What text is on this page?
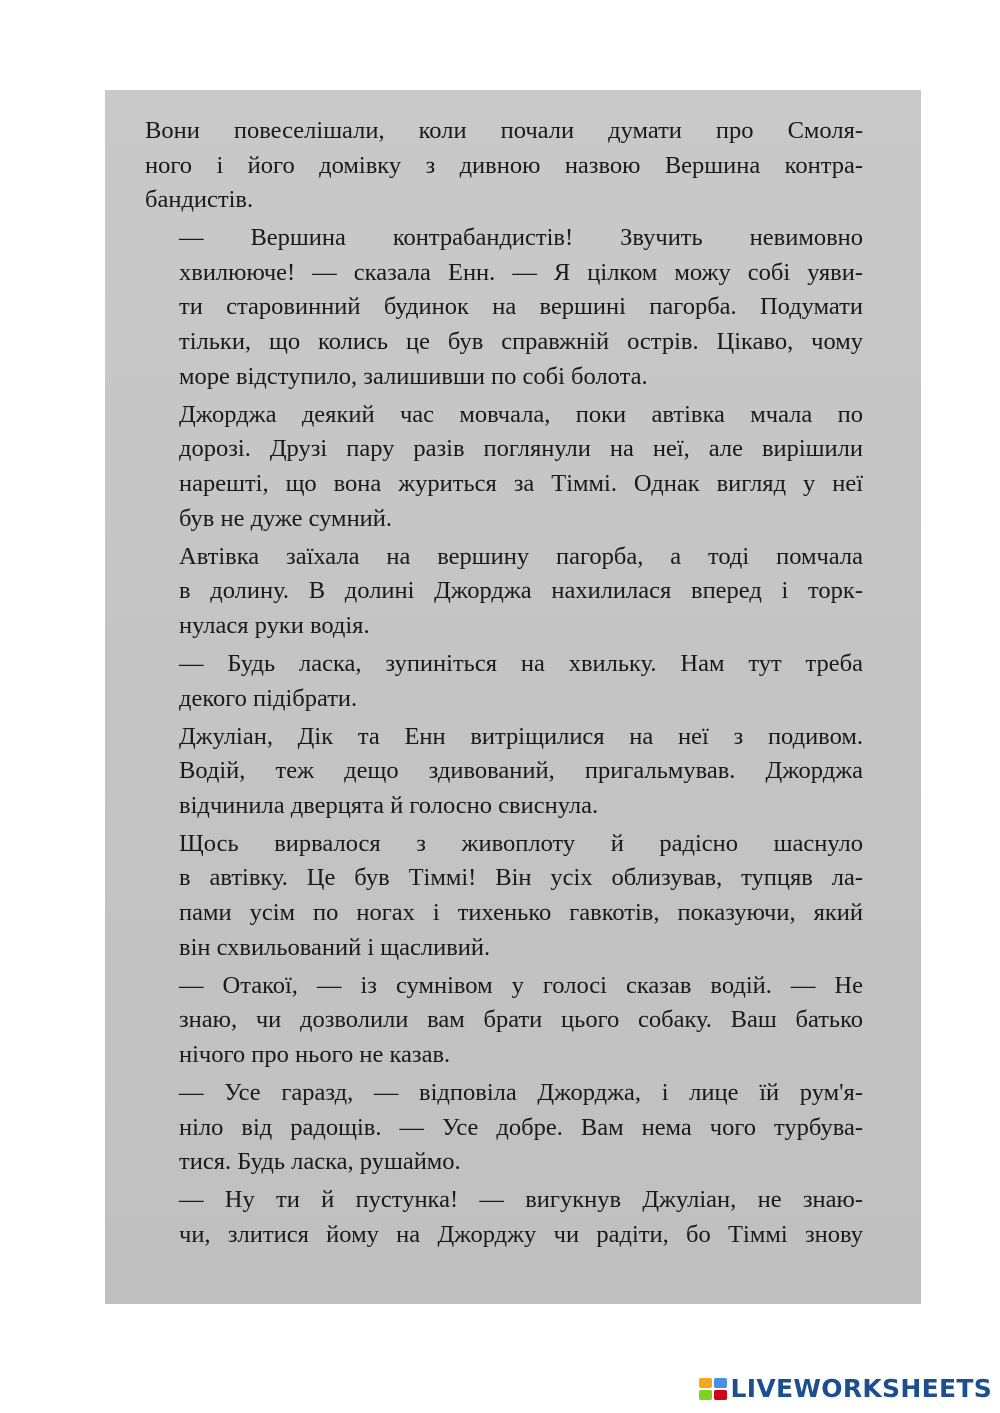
Вони повеселішали, коли почали думати про Смоля-
ного і його домівку з дивною назвою Вершина контра-
бандистів.

— Вершина контрабандистів! Звучить невимовно
хвилююче! — сказала Енн. — Я цілком можу собі уяви-
ти старовинний будинок на вершині пагорба. Подумати
тільки, що колись це був справжній острів. Цікаво, чому
море відступило, залишивши по собі болота.

Джорджа деякий час мовчала, поки автівка мчала по
дорозі. Друзі пару разів поглянули на неї, але вирішили
нарешті, що вона журиться за Тіммі. Однак вигляд у неї
був не дуже сумний.

Автівка заїхала на вершину пагорба, а тоді помчала
в долину. В долині Джорджа нахилилася вперед і торк-
нулася руки водія.

— Будь ласка, зупиніться на хвильку. Нам тут треба
декого підібрати.

Джуліан, Дік та Енн витріщилися на неї з подивом.
Водій, теж дещо здивований, пригальмував. Джорджа
відчинила дверцята й голосно свиснула.

Щось вирвалося з живоплоту й радісно шаснуло
в автівку. Це був Тіммі! Він усіх облизував, тупцяв ла-
пами усім по ногах і тихенько гавкотів, показуючи, який
він схвильований і щасливий.

— Отакої, — із сумнівом у голосі сказав водій. — Не
знаю, чи дозволили вам брати цього собаку. Ваш батько
нічого про нього не казав.

— Усе гаразд, — відповіла Джорджа, і лице їй рум'я-
ніло від радощів. — Усе добре. Вам нема чого турбува-
тися. Будь ласка, рушаймо.

— Ну ти й пустунка! — вигукнув Джуліан, не знаю-
чи, злитися йому на Джорджу чи радіти, бо Тіммі знову

LIVEWORKSHEETS
